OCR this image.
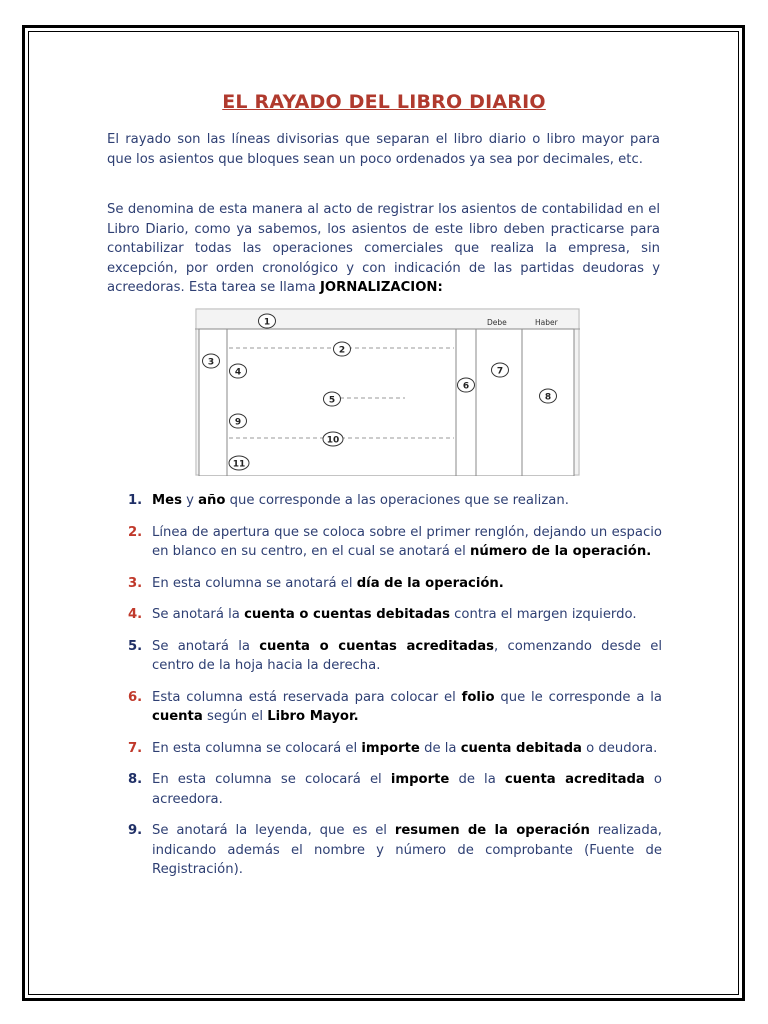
EL RAYADO DEL LIBRO DIARIO
El rayado son las líneas divisorias que separan el libro diario o libro mayor para que los asientos que bloques sean un poco ordenados ya sea por decimales, etc.
Se denomina de esta manera al acto de registrar los asientos de contabilidad en el Libro Diario, como ya sabemos, los asientos de este libro deben practicarse para contabilizar todas las operaciones comerciales que realiza la empresa, sin excepción, por orden cronológico y con indicación de las partidas deudoras y acreedoras. Esta tarea se llama JORNALIZACION:
Debe	Haber
1
2
3
4
5
6
7
8
9
10
11
1. Mes y año que corresponde a las operaciones que se realizan.
2. Línea de apertura que se coloca sobre el primer renglón, dejando un espacio en blanco en su centro, en el cual se anotará el número de la operación.
3. En esta columna se anotará el día de la operación.
4. Se anotará la cuenta o cuentas debitadas contra el margen izquierdo.
5. Se anotará la cuenta o cuentas acreditadas, comenzando desde el centro de la hoja hacia la derecha.
6. Esta columna está reservada para colocar el folio que le corresponde a la cuenta según el Libro Mayor.
7. En esta columna se colocará el importe de la cuenta debitada o deudora.
8. En esta columna se colocará el importe de la cuenta acreditada o acreedora.
9. Se anotará la leyenda, que es el resumen de la operación realizada, indicando además el nombre y número de comprobante (Fuente de Registración).
